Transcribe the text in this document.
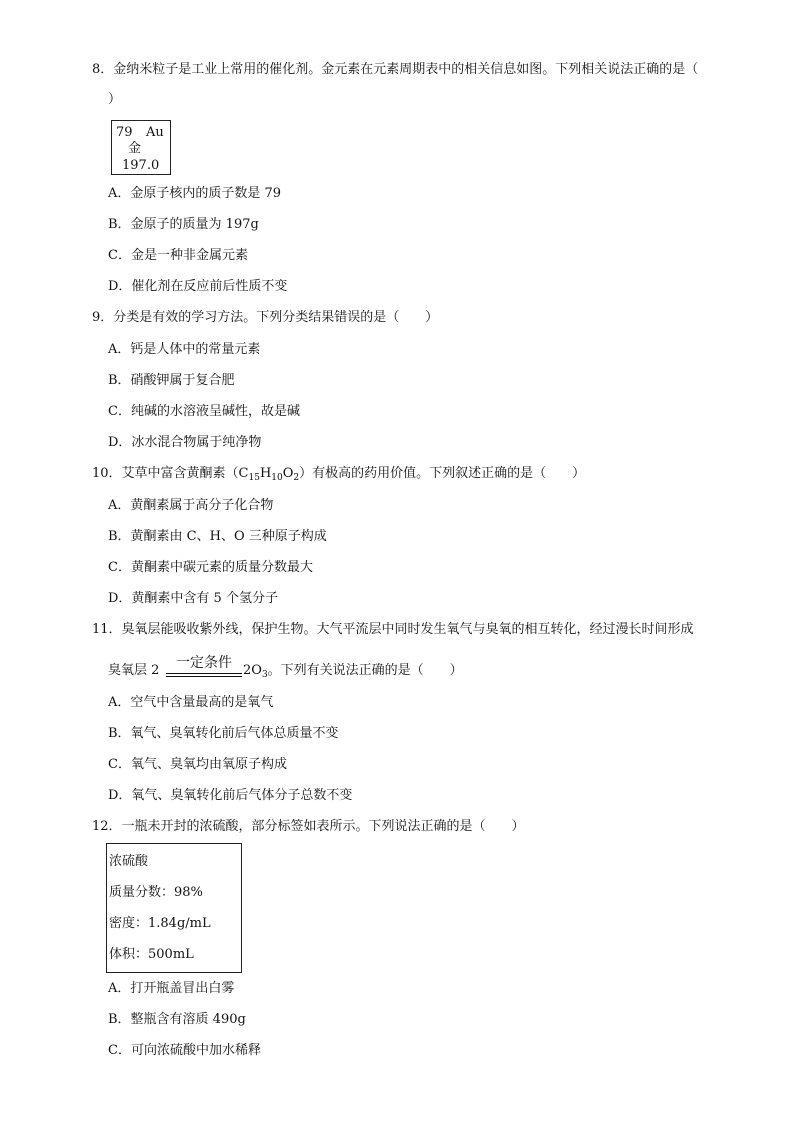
8．金纳米粒子是工业上常用的催化剂。金元素在元素周期表中的相关信息如图。下列相关说法正确的是（
）
79 Au
金
197.0
A．金原子核内的质子数是 79
B．金原子的质量为 197g
C．金是一种非金属元素
D．催化剂在反应前后性质不变
9．分类是有效的学习方法。下列分类结果错误的是（　　）
A．钙是人体中的常量元素
B．硝酸钾属于复合肥
C．纯碱的水溶液呈碱性，故是碱
D．冰水混合物属于纯净物
10．艾草中富含黄酮素$(C_{15}H_{10}O_2)$有极高的药用价值。下列叙述正确的是（　　）
A．黄酮素属于高分子化合物
B．黄酮素由 C、H、O 三种原子构成
C．黄酮素中碳元素的质量分数最大
D．黄酮素中含有 5 个氢分子
11．臭氧层能吸收紫外线，保护生物。大气平流层中同时发生氧气与臭氧的相互转化，经过漫长时间形成
臭氧层 2	一定条件 $2O_3$。下列有关说法正确的是（　　）
A．空气中含量最高的是氧气
B．氧气、臭氧转化前后气体总质量不变
C．氧气、臭氧均由氧原子构成
D．氧气、臭氧转化前后气体分子总数不变
12．一瓶未开封的浓硫酸，部分标签如表所示。下列说法正确的是（　　）
浓硫酸
质量分数：98%
密度：1.84g/mL
体积：500mL
A．打开瓶盖冒出白雾
B．整瓶含有溶质 490g
C．可向浓硫酸中加水稀释
